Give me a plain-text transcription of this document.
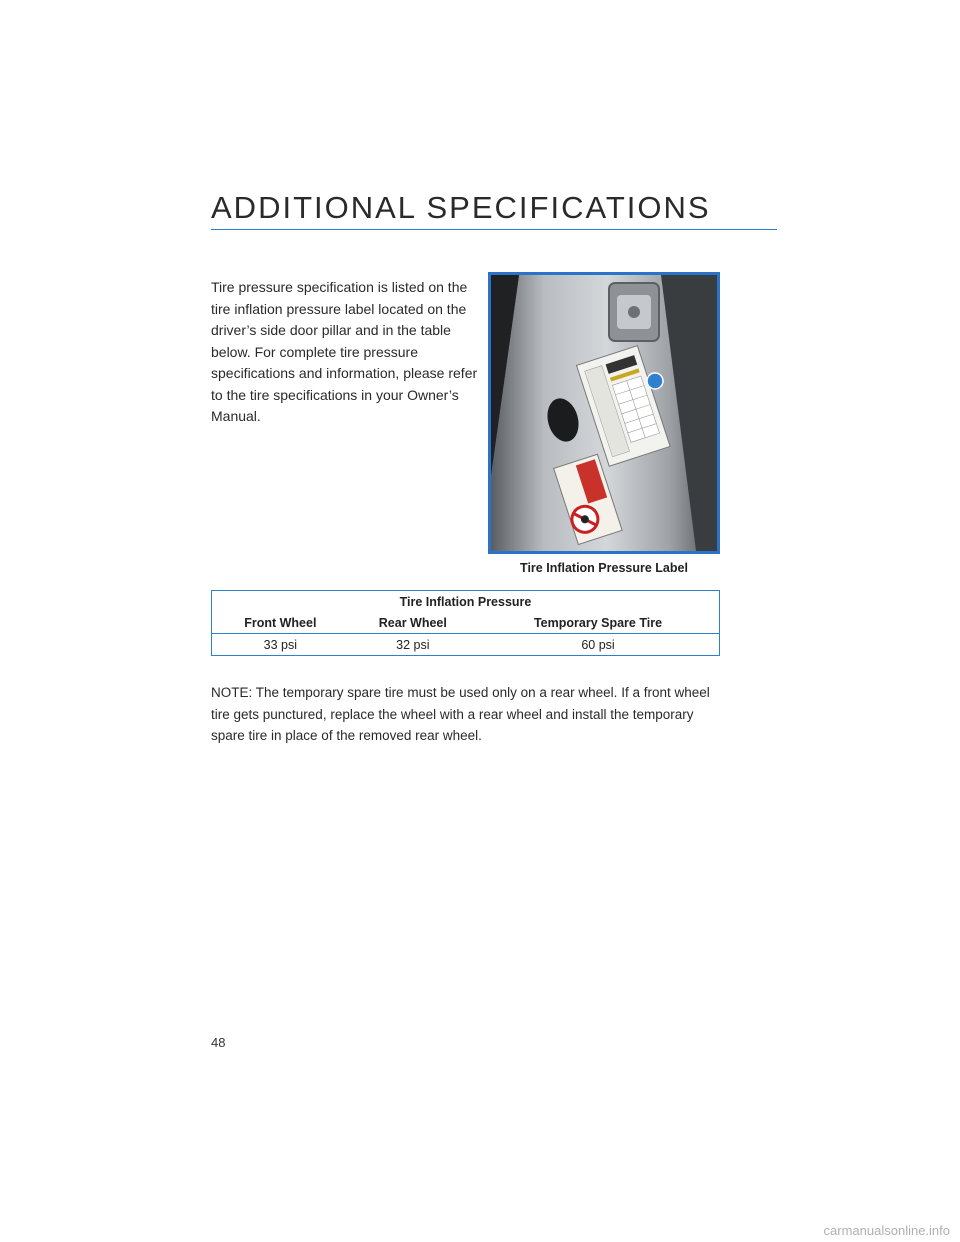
ADDITIONAL SPECIFICATIONS

Tire pressure specification is listed on the tire inflation pressure label located on the driver’s side door pillar and in the table below. For complete tire pressure specifications and information, please refer to the tire specifications in your Owner’s Manual.

Tire Inflation Pressure Label

Tire Inflation Pressure		
Front Wheel	Rear Wheel	Temporary Spare Tire
33 psi	32 psi	60 psi

NOTE: The temporary spare tire must be used only on a rear wheel. If a front wheel tire gets punctured, replace the wheel with a rear wheel and install the temporary spare tire in place of the removed rear wheel.

48

carmanualsonline.info
